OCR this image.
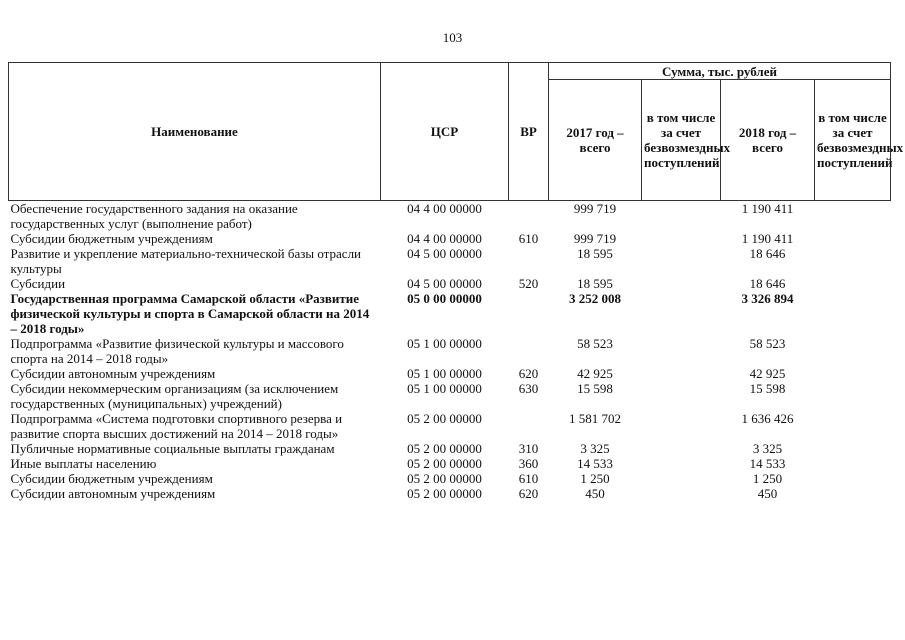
103
Наименование	ЦСР	ВР	Сумма, тыс. рублей			
			2017 год – всего	в том числе за счет безвозмездных поступлений	2018 год – всего	в том числе за счет безвозмездных поступлений
Обеспечение государственного задания на оказание государственных услуг (выполнение работ)	04 4 00 00000		999 719		1 190 411	
Субсидии бюджетным учреждениям	04 4 00 00000	610	999 719		1 190 411	
Развитие и укрепление материально-технической базы отрасли культуры	04 5 00 00000		18 595		18 646	
Субсидии	04 5 00 00000	520	18 595		18 646	
Государственная программа Самарской области «Развитие физической культуры и спорта в Самарской области на 2014 – 2018 годы»	05 0 00 00000		3 252 008		3 326 894	
Подпрограмма «Развитие физической культуры и массового спорта на 2014 – 2018 годы»	05 1 00 00000		58 523		58 523	
Субсидии автономным учреждениям	05 1 00 00000	620	42 925		42 925	
Субсидии некоммерческим организациям (за исключением государственных (муниципальных) учреждений)	05 1 00 00000	630	15 598		15 598	
Подпрограмма «Система подготовки спортивного резерва и развитие спорта высших достижений на 2014 – 2018 годы»	05 2 00 00000		1 581 702		1 636 426	
Публичные нормативные социальные выплаты гражданам	05 2 00 00000	310	3 325		3 325	
Иные выплаты населению	05 2 00 00000	360	14 533		14 533	
Субсидии бюджетным учреждениям	05 2 00 00000	610	1 250		1 250	
Субсидии автономным учреждениям	05 2 00 00000	620	450		450	
